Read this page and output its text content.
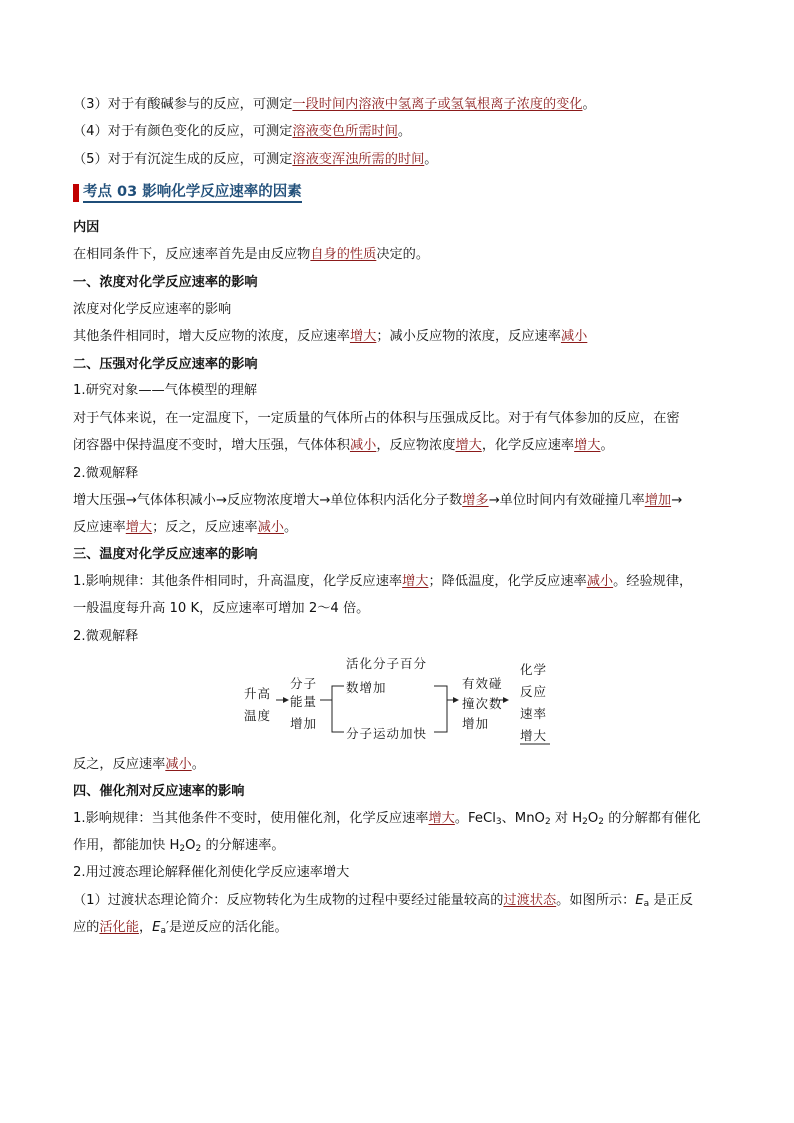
（3）对于有酸碱参与的反应，可测定一段时间内溶液中氢离子或氢氧根离子浓度的变化。
（4）对于有颜色变化的反应，可测定溶液变色所需时间。
（5）对于有沉淀生成的反应，可测定溶液变浑浊所需的时间。
考点 03 影响化学反应速率的因素
内因
在相同条件下，反应速率首先是由反应物自身的性质决定的。
一、浓度对化学反应速率的影响
浓度对化学反应速率的影响
其他条件相同时，增大反应物的浓度，反应速率增大；减小反应物的浓度，反应速率减小
二、压强对化学反应速率的影响
1.研究对象——气体模型的理解
对于气体来说，在一定温度下，一定质量的气体所占的体积与压强成反比。对于有气体参加的反应，在密
闭容器中保持温度不变时，增大压强，气体体积减小，反应物浓度增大，化学反应速率增大。
2.微观解释
增大压强→气体体积减小→反应物浓度增大→单位体积内活化分子数增多→单位时间内有效碰撞几率增加→
反应速率增大；反之，反应速率减小。
三、温度对化学反应速率的影响
1.影响规律：其他条件相同时，升高温度，化学反应速率增大；降低温度，化学反应速率减小。经验规律，
一般温度每升高 10 K，反应速率可增加 2～4 倍。
2.微观解释
升高
温度
分子
能量
增加
活化分子百分
数增加
分子运动加快
有效碰
撞次数
增加
化学
反应
速率
增大
反之，反应速率减小。
四、催化剂对反应速率的影响
1.影响规律：当其他条件不变时，使用催化剂，化学反应速率增大。FeCl$_3$、MnO$_2$ 对 $H_2O_2$ 的分解都有催化
作用，都能加快 $H_2O_2$ 的分解速率。
2.用过渡态理论解释催化剂使化学反应速率增大
（1）过渡状态理论简介：反应物转化为生成物的过程中要经过能量较高的过渡状态。如图所示：$E_a$ 是正反
应的活化能，$E_a'$是逆反应的活化能。
